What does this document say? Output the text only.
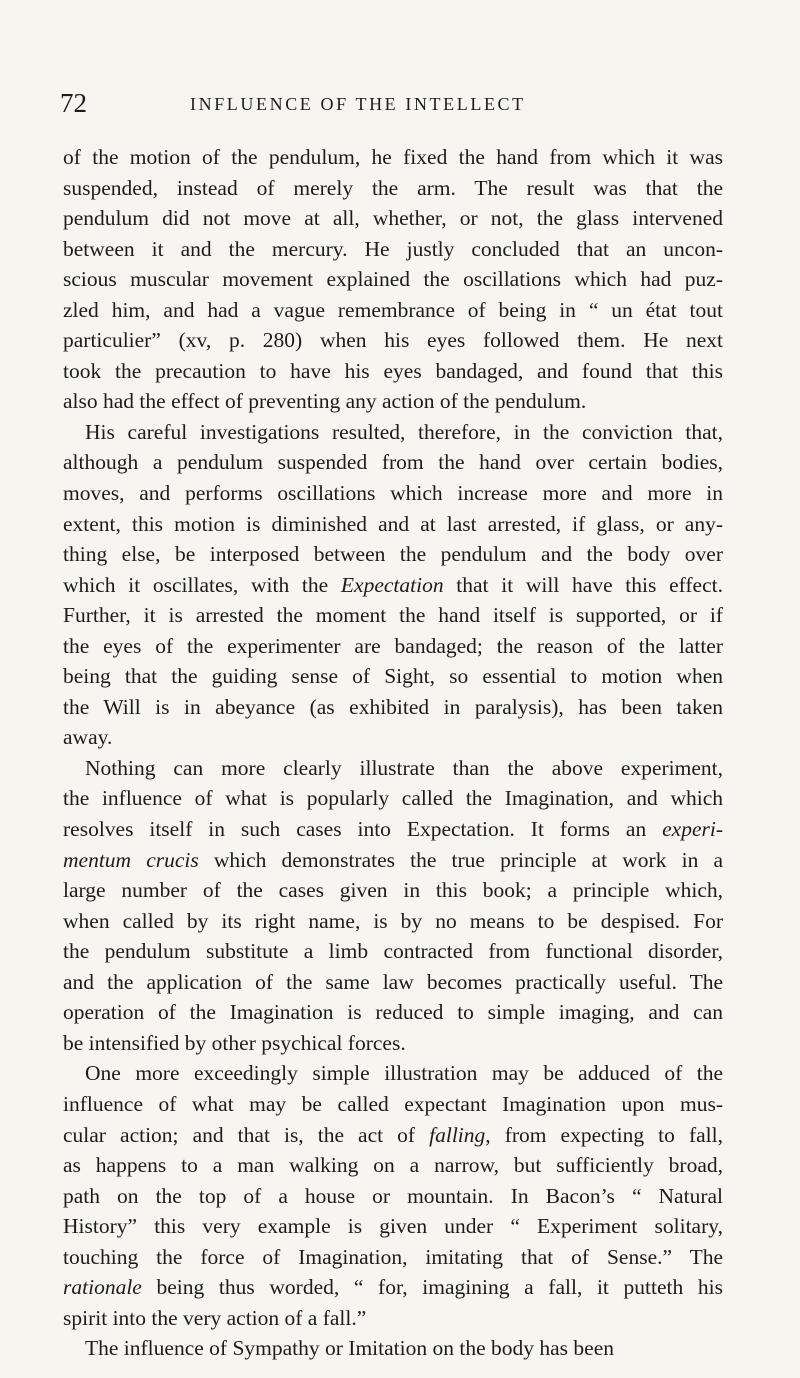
72	INFLUENCE OF THE INTELLECT
of the motion of the pendulum, he fixed the hand from which it was
suspended, instead of merely the arm. The result was that the
pendulum did not move at all, whether, or not, the glass intervened
between it and the mercury. He justly concluded that an uncon-
scious muscular movement explained the oscillations which had puz-
zled him, and had a vague remembrance of being in “ un état tout
particulier” (xv, p. 280) when his eyes followed them. He next
took the precaution to have his eyes bandaged, and found that this
also had the effect of preventing any action of the pendulum.
His careful investigations resulted, therefore, in the conviction that,
although a pendulum suspended from the hand over certain bodies,
moves, and performs oscillations which increase more and more in
extent, this motion is diminished and at last arrested, if glass, or any-
thing else, be interposed between the pendulum and the body over
which it oscillates, with the Expectation that it will have this effect.
Further, it is arrested the moment the hand itself is supported, or if
the eyes of the experimenter are bandaged; the reason of the latter
being that the guiding sense of Sight, so essential to motion when
the Will is in abeyance (as exhibited in paralysis), has been taken
away.
Nothing can more clearly illustrate than the above experiment,
the influence of what is popularly called the Imagination, and which
resolves itself in such cases into Expectation. It forms an experi-
mentum crucis which demonstrates the true principle at work in a
large number of the cases given in this book; a principle which,
when called by its right name, is by no means to be despised. For
the pendulum substitute a limb contracted from functional disorder,
and the application of the same law becomes practically useful. The
operation of the Imagination is reduced to simple imaging, and can
be intensified by other psychical forces.
One more exceedingly simple illustration may be adduced of the
influence of what may be called expectant Imagination upon mus-
cular action; and that is, the act of falling, from expecting to fall,
as happens to a man walking on a narrow, but sufficiently broad,
path on the top of a house or mountain. In Bacon’s “ Natural
History” this very example is given under “ Experiment solitary,
touching the force of Imagination, imitating that of Sense.” The
rationale being thus worded, “ for, imagining a fall, it putteth his
spirit into the very action of a fall.”
The influence of Sympathy or Imitation on the body has been
